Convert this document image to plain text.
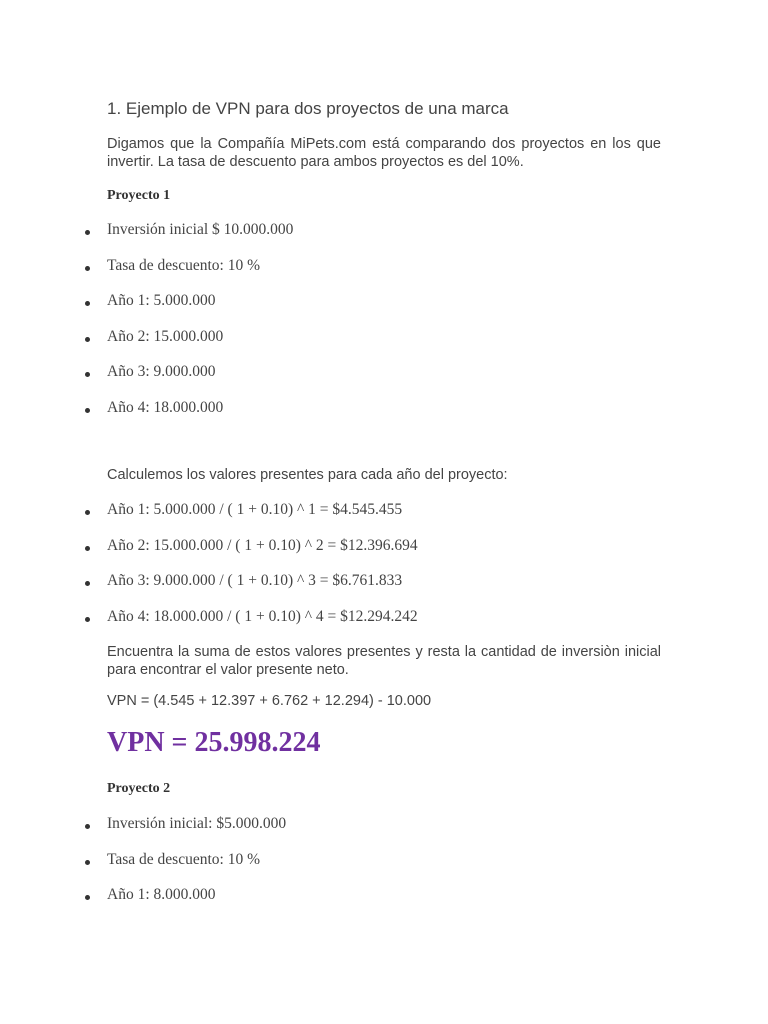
1. Ejemplo de VPN para dos proyectos de una marca

Digamos que la Compañía MiPets.com está comparando dos proyectos en los que invertir. La tasa de descuento para ambos proyectos es del 10%.

Proyecto 1
Inversión inicial $ 10.000.000
Tasa de descuento: 10 %
Año 1: 5.000.000
Año 2: 15.000.000
Año 3: 9.000.000
Año 4: 18.000.000
Calculemos los valores presentes para cada año del proyecto:
Año 1: 5.000.000 / ( 1 + 0.10) ^ 1 = $4.545.455
Año 2: 15.000.000 / ( 1 + 0.10) ^ 2 = $12.396.694
Año 3: 9.000.000 / ( 1 + 0.10) ^ 3 = $6.761.833
Año 4: 18.000.000 / ( 1 + 0.10) ^ 4 = $12.294.242

Encuentra la suma de estos valores presentes y resta la cantidad de inversiòn inicial para encontrar el valor presente neto.

VPN = (4.545 + 12.397 + 6.762 + 12.294) - 10.000
VPN = 25.998.224
Proyecto 2
Inversión inicial: $5.000.000
Tasa de descuento: 10 %
Año 1: 8.000.000
